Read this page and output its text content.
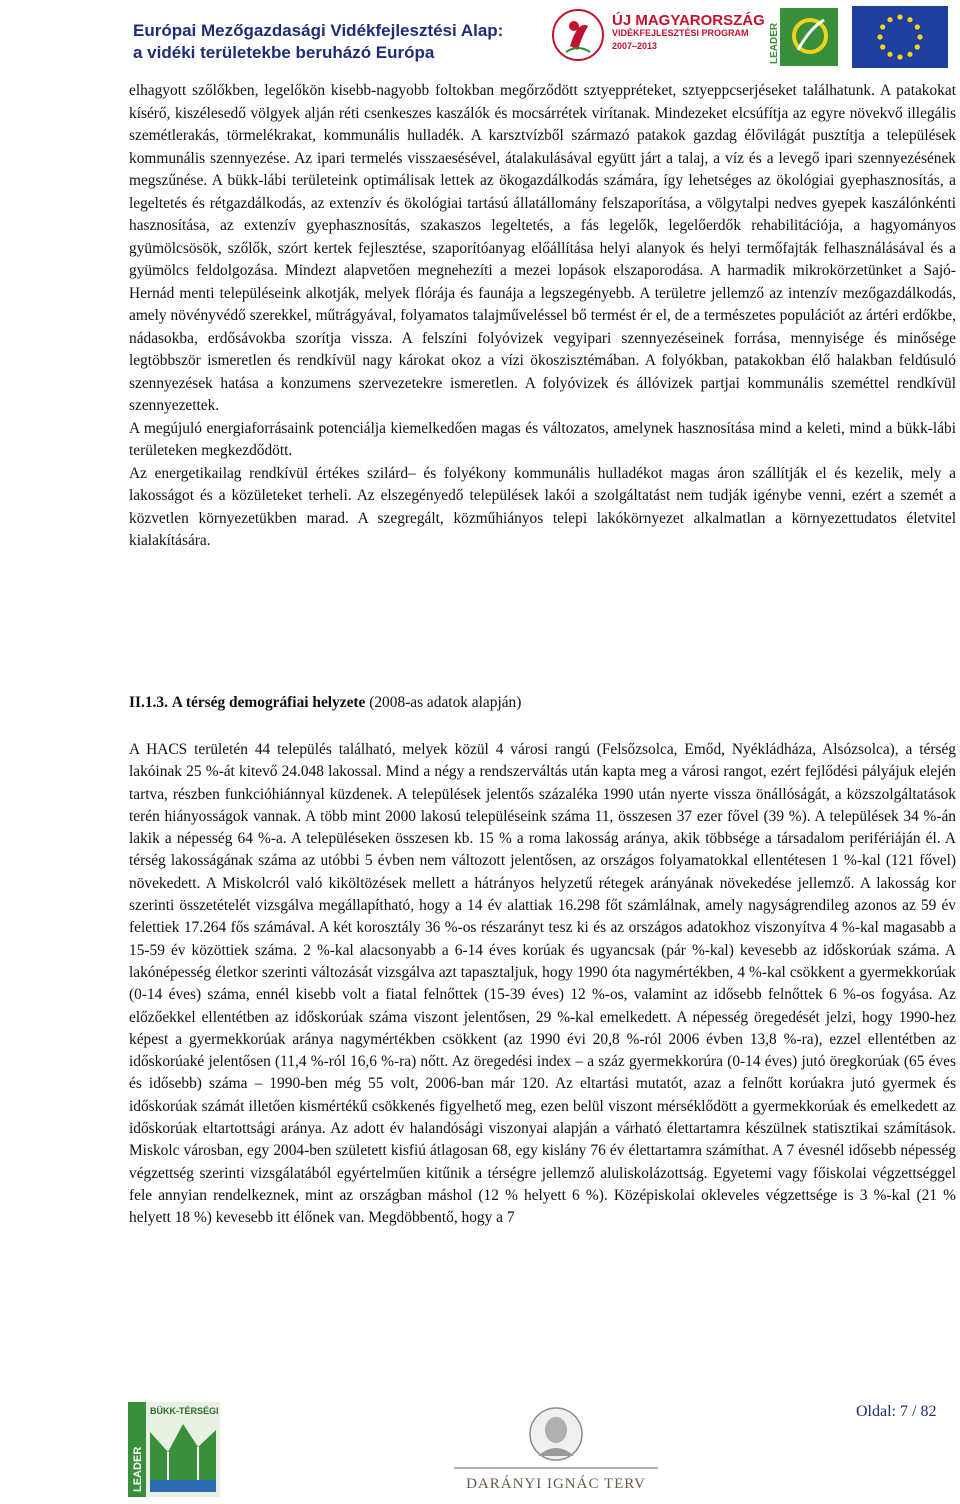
Európai Mezőgazdasági Vidékfejlesztési Alap:
a vidéki területekbe beruházó Európa
ÚJ MAGYARORSZÁG
VIDÉKFEJLESZTÉSI PROGRAM
2007–2013	LEADER

elhagyott szőlőkben, legelőkön kisebb-nagyobb foltokban megőrződött sztyeppréteket, sztyeppcserjéseket találhatunk. A patakokat kísérő, kiszélesedő völgyek alján réti csenkeszes kaszálók és mocsárrétek virítanak. Mindezeket elcsúfítja az egyre növekvő illegális szemétlerakás, törmelékrakat, kommunális hulladék. A karsztvízből származó patakok gazdag élővilágát pusztítja a települések kommunális szennyezése. Az ipari termelés visszaesésével, átalakulásával együtt járt a talaj, a víz és a levegő ipari szennyezésének megszűnése. A bükk-lábi területeink optimálisak lettek az ökogazdálkodás számára, így lehetséges az ökológiai gyephasznosítás, a legeltetés és rétgazdálkodás, az extenzív és ökológiai tartású állatállomány felszaporítása, a völgytalpi nedves gyepek kaszálónkénti hasznosítása, az extenzív gyephasznosítás, szakaszos legeltetés, a fás legelők, legelőerdők rehabilitációja, a hagyományos gyümölcsösök, szőlők, szórt kertek fejlesztése, szaporítóanyag előállítása helyi alanyok és helyi termőfajták felhasználásával és a gyümölcs feldolgozása. Mindezt alapvetően megnehezíti a mezei lopások elszaporodása. A harmadik mikrokörzetünket a Sajó-Hernád menti településeink alkotják, melyek flórája és faunája a legszegényebb. A területre jellemző az intenzív mezőgazdálkodás, amely növényvédő szerekkel, műtrágyával, folyamatos talajműveléssel bő termést ér el, de a természetes populációt az ártéri erdőkbe, nádasokba, erdősávokba szorítja vissza. A felszíni folyóvizek vegyipari szennyezéseinek forrása, mennyisége és minősége legtöbbször ismeretlen és rendkívül nagy károkat okoz a vízi ökoszisztémában. A folyókban, patakokban élő halakban feldúsuló szennyezések hatása a konzumens szervezetekre ismeretlen. A folyóvizek és állóvizek partjai kommunális szeméttel rendkívül szennyezettek.

A megújuló energiaforrásaink potenciálja kiemelkedően magas és változatos, amelynek hasznosítása mind a keleti, mind a bükk-lábi területeken megkezdődött.

Az energetikailag rendkívül értékes szilárd– és folyékony kommunális hulladékot magas áron szállítják el és kezelik, mely a lakosságot és a közületeket terheli. Az elszegényedő települések lakói a szolgáltatást nem tudják igénybe venni, ezért a szemét a közvetlen környezetükben marad. A szegregált, közműhiányos telepi lakókörnyezet alkalmatlan a környezettudatos életvitel kialakítására.

II.1.3. A térség demográfiai helyzete (2008-as adatok alapján)

A HACS területén 44 település található, melyek közül 4 városi rangú (Felsőzsolca, Emőd, Nyékládháza, Alsózsolca), a térség lakóinak 25 %-át kitevő 24.048 lakossal. Mind a négy a rendszerváltás után kapta meg a városi rangot, ezért fejlődési pályájuk elején tartva, részben funkcióhiánnyal küzdenek. A települések jelentős százaléka 1990 után nyerte vissza önállóságát, a közszolgáltatások terén hiányosságok vannak. A több mint 2000 lakosú településeink száma 11, összesen 37 ezer fővel (39 %). A települések 34 %-án lakik a népesség 64 %-a. A településeken összesen kb. 15 % a roma lakosság aránya, akik többsége a társadalom perifériáján él. A térség lakosságának száma az utóbbi 5 évben nem változott jelentősen, az országos folyamatokkal ellentétesen 1 %-kal (121 fővel) növekedett. A Miskolcról való kiköltözések mellett a hátrányos helyzetű rétegek arányának növekedése jellemző. A lakosság kor szerinti összetételét vizsgálva megállapítható, hogy a 14 év alattiak 16.298 főt számlálnak, amely nagyságrendileg azonos az 59 év felettiek 17.264 fős számával. A két korosztály 36 %-os részarányt tesz ki és az országos adatokhoz viszonyítva 4 %-kal magasabb a 15-59 év közöttiek száma. 2 %-kal alacsonyabb a 6-14 éves korúak és ugyancsak (pár %-kal) kevesebb az időskorúak száma. A lakónépesség életkor szerinti változását vizsgálva azt tapasztaljuk, hogy 1990 óta nagymértékben, 4 %-kal csökkent a gyermekkorúak (0-14 éves) száma, ennél kisebb volt a fiatal felnőttek (15-39 éves) 12 %-os, valamint az idősebb felnőttek 6 %-os fogyása. Az előzőekkel ellentétben az időskorúak száma viszont jelentősen, 29 %-kal emelkedett. A népesség öregedését jelzi, hogy 1990-hez képest a gyermekkorúak aránya nagymértékben csökkent (az 1990 évi 20,8 %-ról 2006 évben 13,8 %-ra), ezzel ellentétben az időskorúaké jelentősen (11,4 %-ról 16,6 %-ra) nőtt. Az öregedési index – a száz gyermekkorúra (0-14 éves) jutó öregkorúak (65 éves és idősebb) száma – 1990-ben még 55 volt, 2006-ban már 120. Az eltartási mutatót, azaz a felnőtt korúakra jutó gyermek és időskorúak számát illetően kismértékű csökkenés figyelhető meg, ezen belül viszont mérséklődött a gyermekkorúak és emelkedett az időskorúak eltartottsági aránya. Az adott év halandósági viszonyai alapján a várható élettartamra készülnek statisztikai számítások. Miskolc városban, egy 2004-ben született kisfiú átlagosan 68, egy kislány 76 év élettartamra számíthat. A 7 évesnél idősebb népesség végzettség szerinti vizsgálatából egyértelműen kitűnik a térségre jellemző aluliskolázottság. Egyetemi vagy főiskolai végzettséggel fele annyian rendelkeznek, mint az országban máshol (12 % helyett 6 %). Középiskolai okleveles végzettsége is 3 %-kal (21 % helyett 18 %) kevesebb itt élőnek van. Megdöbbentő, hogy a 7

LEADER
BÜKK-TÉRSÉGI
DARÁNYI IGNÁC TERV
Oldal: 7 / 82
